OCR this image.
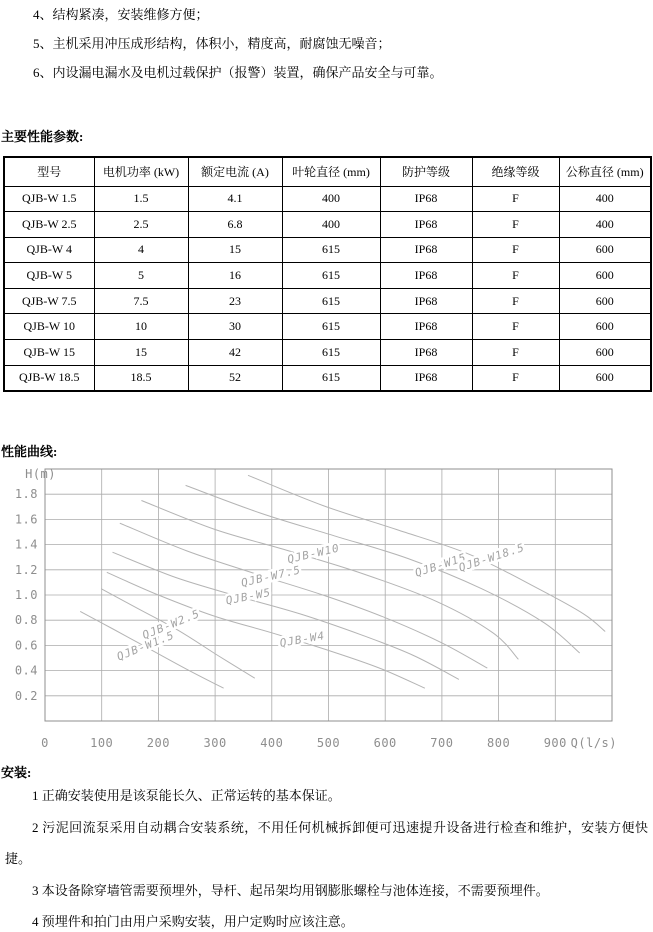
4、结构紧凑，安装维修方便；

5、主机采用冲压成形结构，体积小，精度高，耐腐蚀无噪音；

6、内设漏电漏水及电机过载保护（报警）装置，确保产品安全与可靠。

主要性能参数:
型号	电机功率 (kW)	额定电流 (A)	叶轮直径 (mm)	防护等级	绝缘等级	公称直径 (mm)
QJB-W 1.5	1.5	4.1	400	IP68	F	400
QJB-W 2.5	2.5	6.8	400	IP68	F	400
QJB-W 4	4	15	615	IP68	F	600
QJB-W 5	5	16	615	IP68	F	600
QJB-W 7.5	7.5	23	615	IP68	F	600
QJB-W 10	10	30	615	IP68	F	600
QJB-W 15	15	42	615	IP68	F	600
QJB-W 18.5	18.5	52	615	IP68	F	600
性能曲线:
QJB-W1.5
QJB-W2.5	QJB-W4
QJB-W5
QJB-W7.5
QJB-W10	QJB-W15
QJB-W18.5
0	100	200	300	400	500	600	700	800	900 Q(l/s)
0.2
0.4
0.6
0.8
1.0
1.2
1.4
1.6
1.8
H(m)
安装:

1 正确安装使用是该泵能长久、正常运转的基本保证。

2 污泥回流泵采用自动耦合安装系统，不用任何机械拆卸便可迅速提升设备进行检查和维护，安装方便快捷。

3 本设备除穿墙管需要预埋外，导杆、起吊架均用钢膨胀螺栓与池体连接，不需要预埋件。

4 预埋件和拍门由用户采购安装，用户定购时应该注意。
